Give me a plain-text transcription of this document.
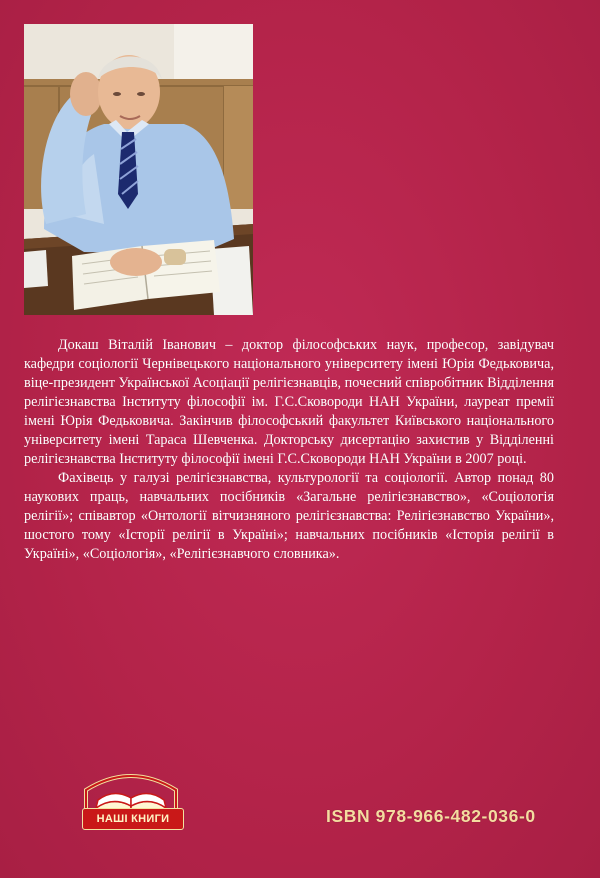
Докаш Віталій Іванович – доктор філософських наук, професор, завідувач кафедри соціології Чернівецького національного університету імені Юрія Федьковича, віце-президент Української Асоціації релігієзнавців, почесний співробітник Відділення релігієзнавства Інституту філософії ім. Г.С.Сковороди НАН України, лауреат премії імені Юрія Федьковича. Закінчив філософський факультет Київського національного університету імені Тараса Шевченка. Докторську дисертацію захистив у Відділенні релігієзнавства Інституту філософії імені Г.С.Сковороди НАН України в 2007 році.

Фахівець у галузі релігієзнавства, культурології та соціології. Автор понад 80 наукових праць, навчальних посібників «Загальне релігієзнавство», «Соціологія релігії»; співавтор «Онтології вітчизняного релігієзнавства: Релігієзнавство України», шостого тому «Історії релігії в Україні»; навчальних посібників «Історія релігії в Україні», «Соціологія», «Релігієзнавчого словника».

НАШІ КНИГИ	ISBN 978-966-482-036-0
